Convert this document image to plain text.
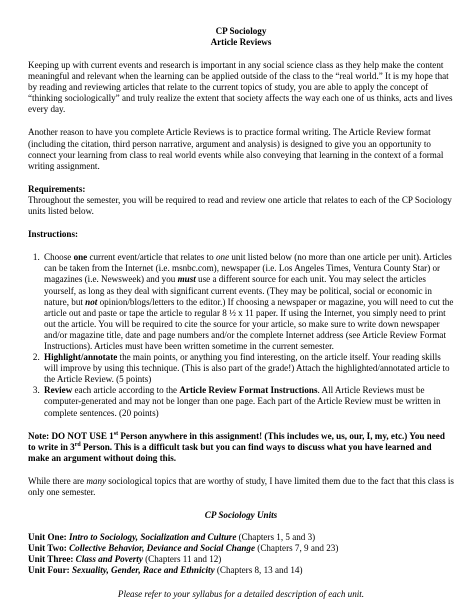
CP Sociology
Article Reviews

Keeping up with current events and research is important in any social science class as they help make the content meaningful and relevant when the learning can be applied outside of the class to the “real world.” It is my hope that by reading and reviewing articles that relate to the current topics of study, you are able to apply the concept of “thinking sociologically” and truly realize the extent that society affects the way each one of us thinks, acts and lives every day.

Another reason to have you complete Article Reviews is to practice formal writing. The Article Review format (including the citation, third person narrative, argument and analysis) is designed to give you an opportunity to connect your learning from class to real world events while also conveying that learning in the context of a formal writing assignment.

Requirements:

Throughout the semester, you will be required to read and review one article that relates to each of the CP Sociology units listed below.

Instructions:
1. Choose one current event/article that relates to one unit listed below (no more than one article per unit). Articles can be taken from the Internet (i.e. msnbc.com), newspaper (i.e. Los Angeles Times, Ventura County Star) or magazines (i.e. Newsweek) and you must use a different source for each unit. You may select the articles yourself, as long as they deal with significant current events. (They may be political, social or economic in nature, but not opinion/blogs/letters to the editor.) If choosing a newspaper or magazine, you will need to cut the article out and paste or tape the article to regular 8 ½ x 11 paper. If using the Internet, you simply need to print out the article. You will be required to cite the source for your article, so make sure to write down newspaper and/or magazine title, date and page numbers and/or the complete Internet address (see Article Review Format Instructions). Articles must have been written sometime in the current semester.
2. Highlight/annotate the main points, or anything you find interesting, on the article itself. Your reading skills will improve by using this technique. (This is also part of the grade!) Attach the highlighted/annotated article to the Article Review. (5 points)
3. Review each article according to the Article Review Format Instructions. All Article Reviews must be computer-generated and may not be longer than one page. Each part of the Article Review must be written in complete sentences. (20 points)

Note: DO NOT USE 1st Person anywhere in this assignment! (This includes we, us, our, I, my, etc.) You need to write in 3rd Person. This is a difficult task but you can find ways to discuss what you have learned and make an argument without doing this.

While there are many sociological topics that are worthy of study, I have limited them due to the fact that this class is only one semester.

CP Sociology Units
Unit One: Intro to Sociology, Socialization and Culture (Chapters 1, 5 and 3)
Unit Two: Collective Behavior, Deviance and Social Change (Chapters 7, 9 and 23)
Unit Three: Class and Poverty (Chapters 11 and 12)
Unit Four: Sexuality, Gender, Race and Ethnicity (Chapters 8, 13 and 14)

Please refer to your syllabus for a detailed description of each unit.
